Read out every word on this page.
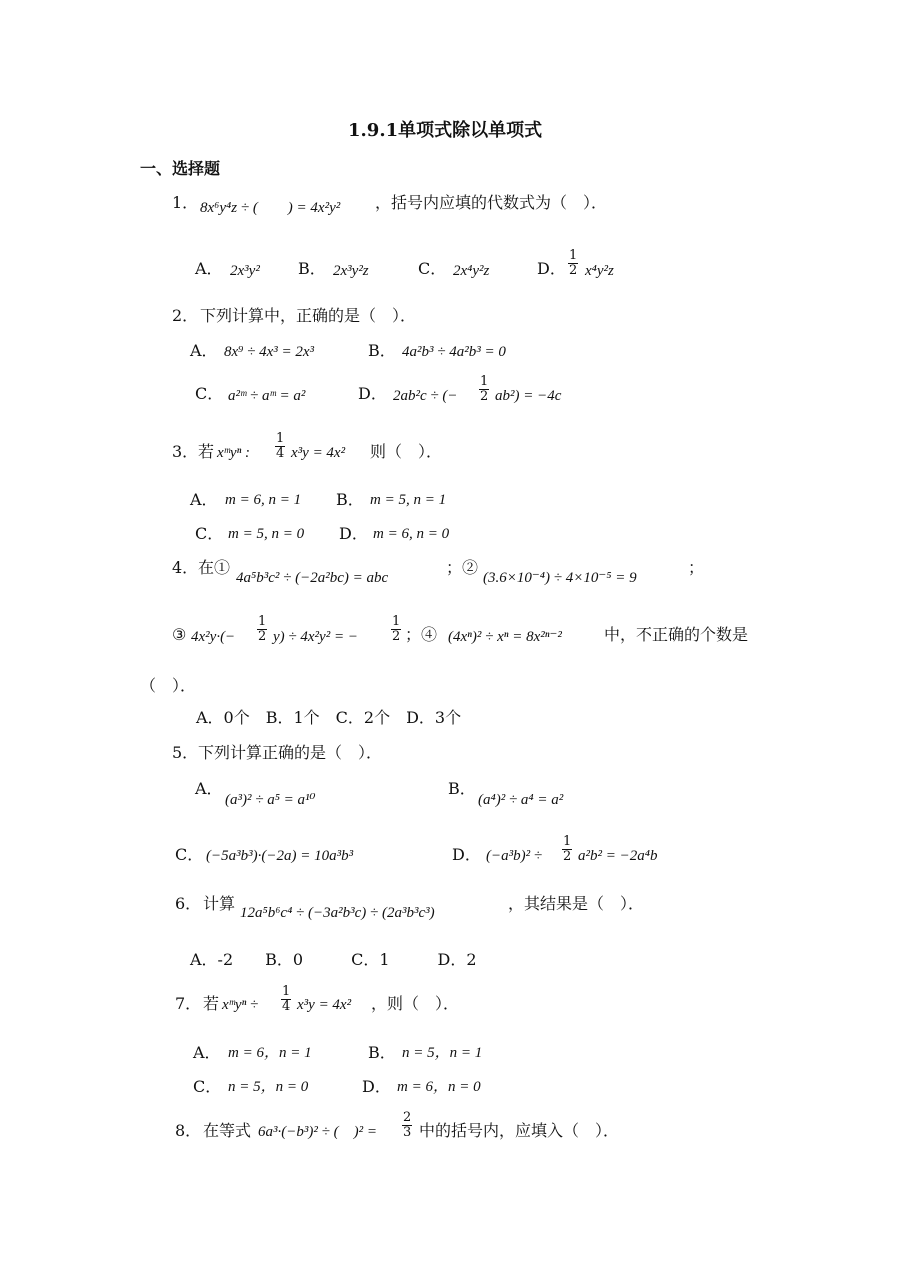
1.9.1单项式除以单项式
一、选择题
1． 8x⁶y⁴z ÷ (　　) = 4x²y² ，括号内应填的代数式为（　）．
A． 2x³y² B． 2x³y²z	C． 2x⁴y²z	D． $\frac{1}{2} x^4y^2z$
2． 下列计算中，正确的是（　）．
A． 8x⁹ ÷ 4x³ = 2x³	B． 4a²b³ ÷ 4a²b³ = 0
C． a²ᵐ ÷ aᵐ = a²	D． 2ab²c ÷ (− $\frac{1}{2} ab^2) = -4c$
3． 若 xᵐyⁿ : $\frac{1}{4} x^3y = 4x^2$ 则（　）．
A． m = 6, n = 1 B． m = 5, n = 1
C． m = 5, n = 0 D． m = 6, n = 0
4． 在①
4a⁵b³c² ÷ (−2a²bc) = abc
；②
(3.6×10⁻⁴) ÷ 4×10⁻⁵ = 9
；
③ $4x^2y\cdot(- \frac{1}{2} y) \div 4x^2y^2$ = −	$\frac{1}{2}$ ；④ (4xⁿ)² ÷ xⁿ = 8x²ⁿ⁻²	中，不正确的个数是
（　）．
A．0个　B．1个　C．2个　D．3个
5． 下列计算正确的是（　）．
A．
(a³)² ÷ a⁵ = a¹⁰
B．
(a⁴)² ÷ a⁴ = a²
C． (−5a³b³)·(−2a) = 10a³b³	D． $(-a^3b)^2 \div \frac{1}{2} a^2b^2 = -2a^4b$
6． 计算 12a⁵b⁶c⁴ ÷ (−3a²b³c) ÷ (2a³b³c³)	，其结果是（　）．
A．-2　　B．0　　　C．1　　　D．2
7． 若 xᵐyⁿ ÷ $\frac{1}{4} x^3y = 4x^2$ ，则（　）．
A． m = 6，n = 1	B． n = 5，n = 1
C． n = 5，n = 0	D． m = 6，n = 0
8． 在等式 6a³·(−b³)² ÷ (　)$^2 = \frac{2}{3}$ 中的括号内，应填入（　）．
